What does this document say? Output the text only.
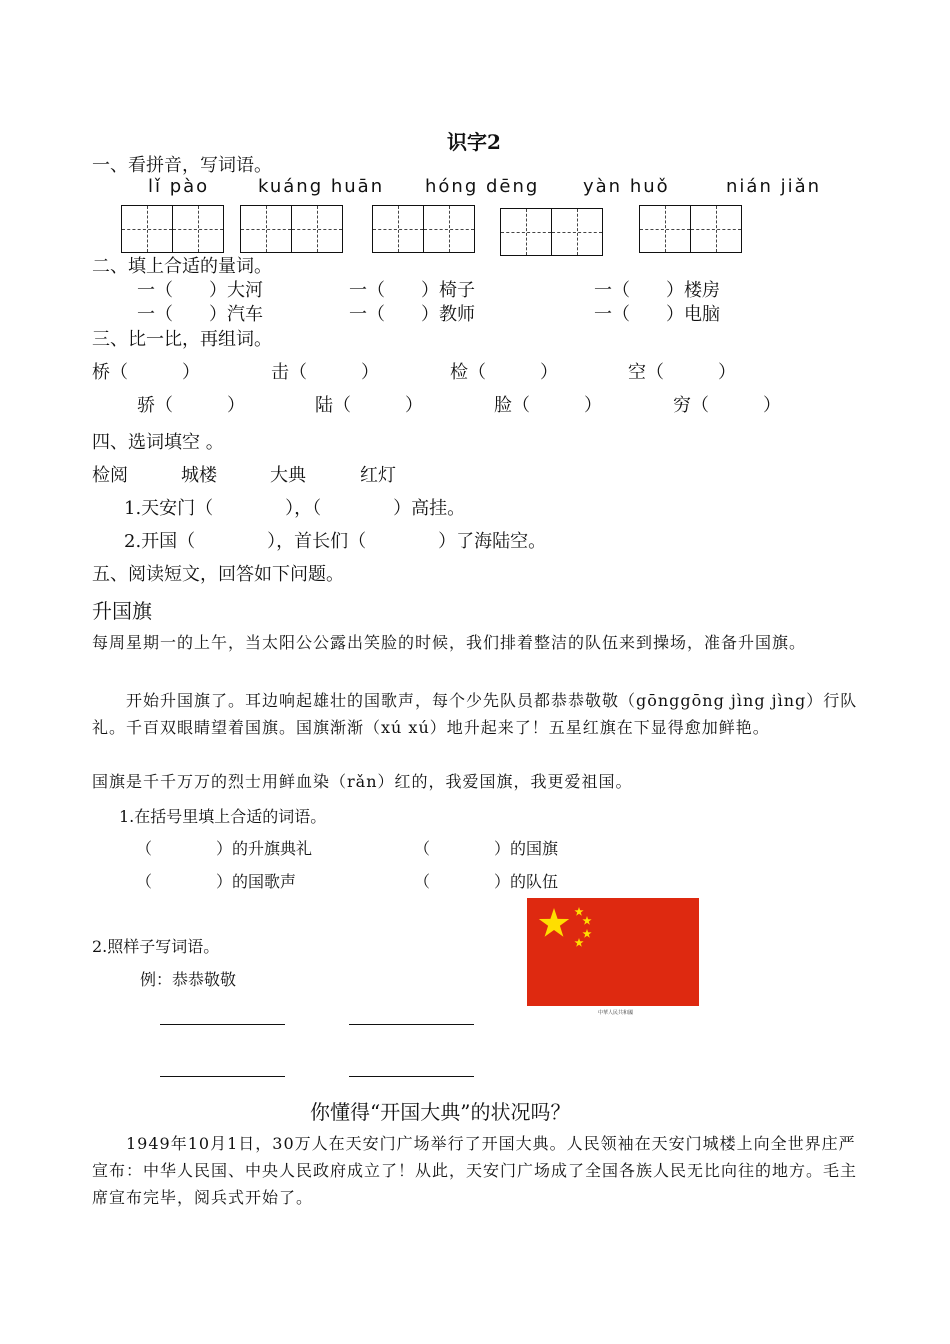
识字2
一、看拼音，写词语。
lǐ pào	kuáng huān hóng dēng yàn huǒ	nián jiǎn
二、填上合适的量词。
一（　　）大河	一（　　）椅子	一（　　）楼房
一（　　）汽车	一（　　）教师	一（　　）电脑
三、比一比，再组词。
桥（　　　）	击（　　　）	检（　　　）	空（　　　）
骄（　　　）	陆（　　　）	脸（　　　）	穷（　　　）
四、选词填空 。
检阅	城楼	大典	红灯
1.天安门（　　　　），（　　　　）高挂。
2.开国（　　　　），首长们（　　　　）了海陆空。
五、阅读短文，回答如下问题。
升国旗
每周星期一的上午，当太阳公公露出笑脸的时候，我们排着整洁的队伍来到操场，准备升国旗。
　　开始升国旗了。耳边响起雄壮的国歌声，每个少先队员都恭恭敬敬（gōnggōng jìng jìng）行队礼。千百双眼睛望着国旗。国旗渐渐（xú xú）地升起来了！五星红旗在下显得愈加鲜艳。
国旗是千千万万的烈士用鲜血染（rǎn）红的，我爱国旗，我更爱祖国。
1.在括号里填上合适的词语。
（　　　　）的升旗典礼	（　　　　）的国旗
（　　　　）的国歌声	（　　　　）的队伍
2.照样子写词语。
例：恭恭敬敬
中華人民共和國
你懂得“开国大典”的状况吗？
　　1949年10月1日，30万人在天安门广场举行了开国大典。人民领袖在天安门城楼上向全世界庄严宣布：中华人民国、中央人民政府成立了！从此，天安门广场成了全国各族人民无比向往的地方。毛主席宣布完毕，阅兵式开始了。
